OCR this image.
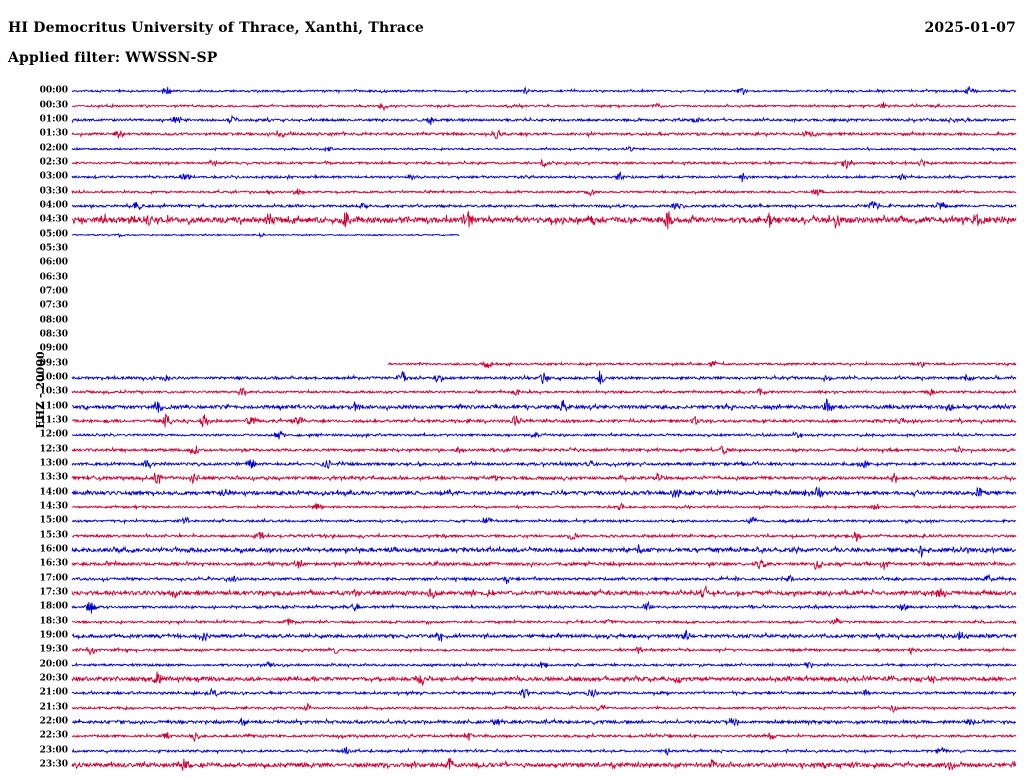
HI Democritus University of Thrace, Xanthi, Thrace	2025-01-07
Applied filter: WWSSN-SP
EHZ - 20000
00:00
00:30
01:00
01:30
02:00
02:30
03:00
03:30
04:00
04:30
05:00
05:30
06:00
06:30
07:00
07:30
08:00
08:30
09:00
09:30
10:00
10:30
11:00
11:30
12:00
12:30
13:00
13:30
14:00
14:30
15:00
15:30
16:00
16:30
17:00
17:30
18:00
18:30
19:00
19:30
20:00
20:30
21:00
21:30
22:00
22:30
23:00
23:30
